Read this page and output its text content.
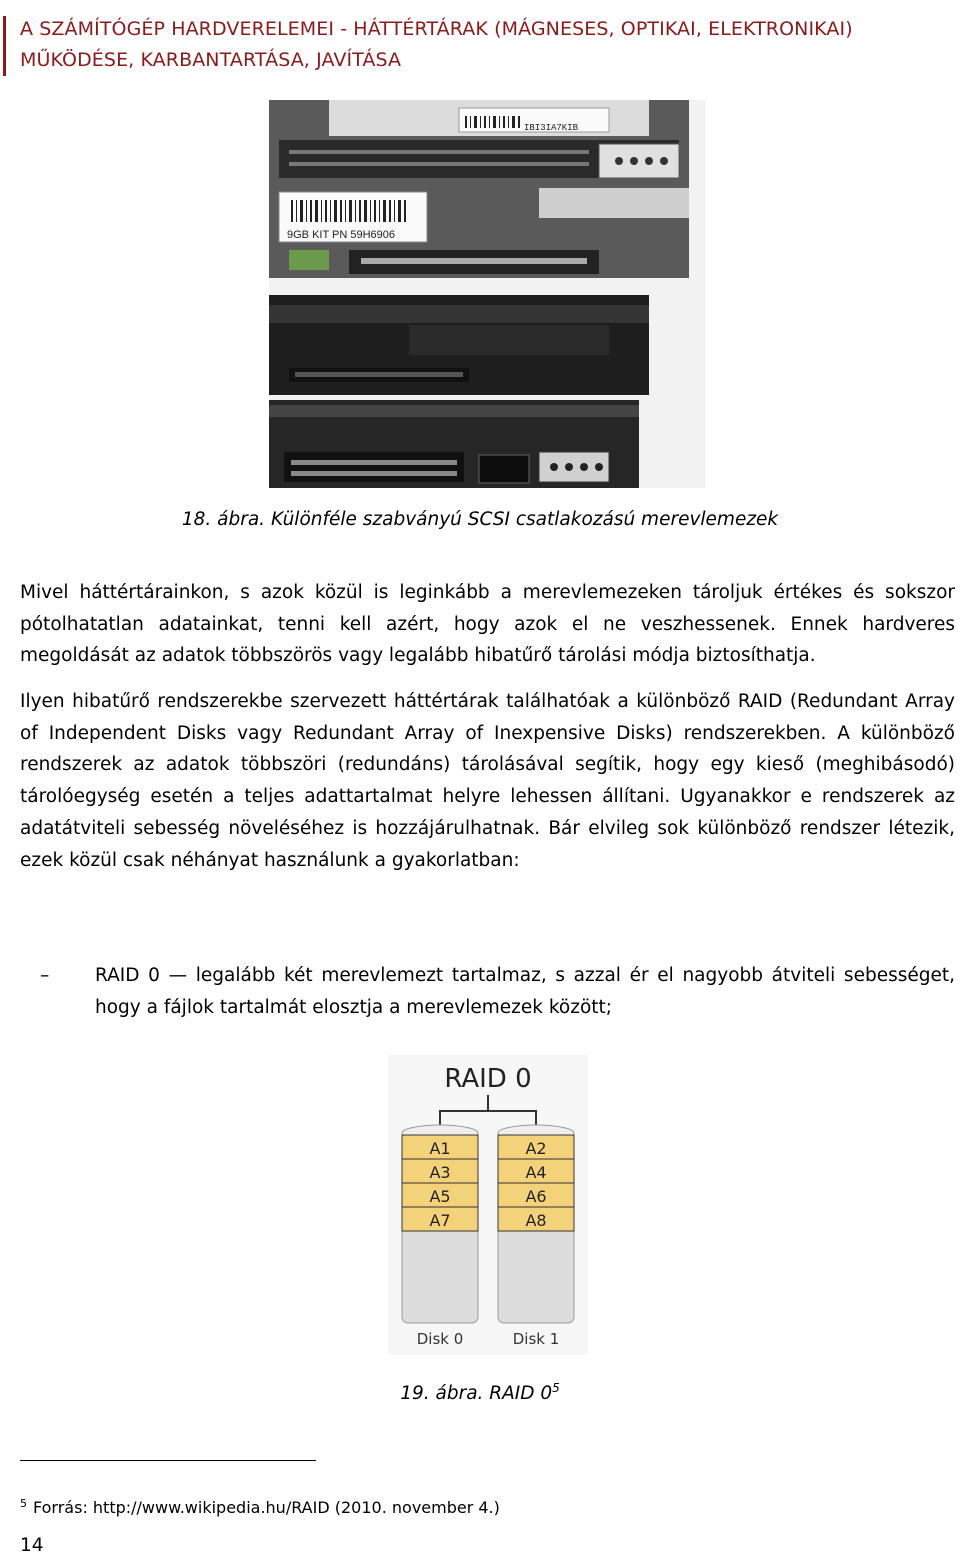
A SZÁMÍTÓGÉP HARDVERELEMEI - HÁTTÉRTÁRAK (MÁGNESES, OPTIKAI, ELEKTRONIKAI)
MŰKÖDÉSE, KARBANTARTÁSA, JAVÍTÁSA
IBI3IA7KIB
9GB KIT PN 59H6906
18. ábra. Különféle szabványú SCSI csatlakozású merevlemezek

Mivel háttértárainkon, s azok közül is leginkább a merevlemezeken tároljuk értékes és sokszor pótolhatatlan adatainkat, tenni kell azért, hogy azok el ne veszhessenek. Ennek hardveres megoldását az adatok többszörös vagy legalább hibatűrő tárolási módja biztosíthatja.

Ilyen hibatűrő rendszerekbe szervezett háttértárak találhatóak a különböző RAID (Redundant Array of Independent Disks vagy Redundant Array of Inexpensive Disks) rendszerekben. A különböző rendszerek az adatok többszöri (redundáns) tárolásával segítik, hogy egy kieső (meghibásodó) tárolóegység esetén a teljes adattartalmat helyre lehessen állítani. Ugyanakkor e rendszerek az adatátviteli sebesség növeléséhez is hozzájárulhatnak. Bár elvileg sok különböző rendszer létezik, ezek közül csak néhányat használunk a gyakorlatban:

– RAID 0 — legalább két merevlemezt tartalmaz, s azzal ér el nagyobb átviteli sebességet, hogy a fájlok tartalmát elosztja a merevlemezek között;

RAID 0
A1
A3
A5
A7
Disk 0
A2
A4
A6
A8
Disk 1
19. ábra. RAID $0^5$
$^5$ Forrás: http://www.wikipedia.hu/RAID (2010. november 4.)
14
